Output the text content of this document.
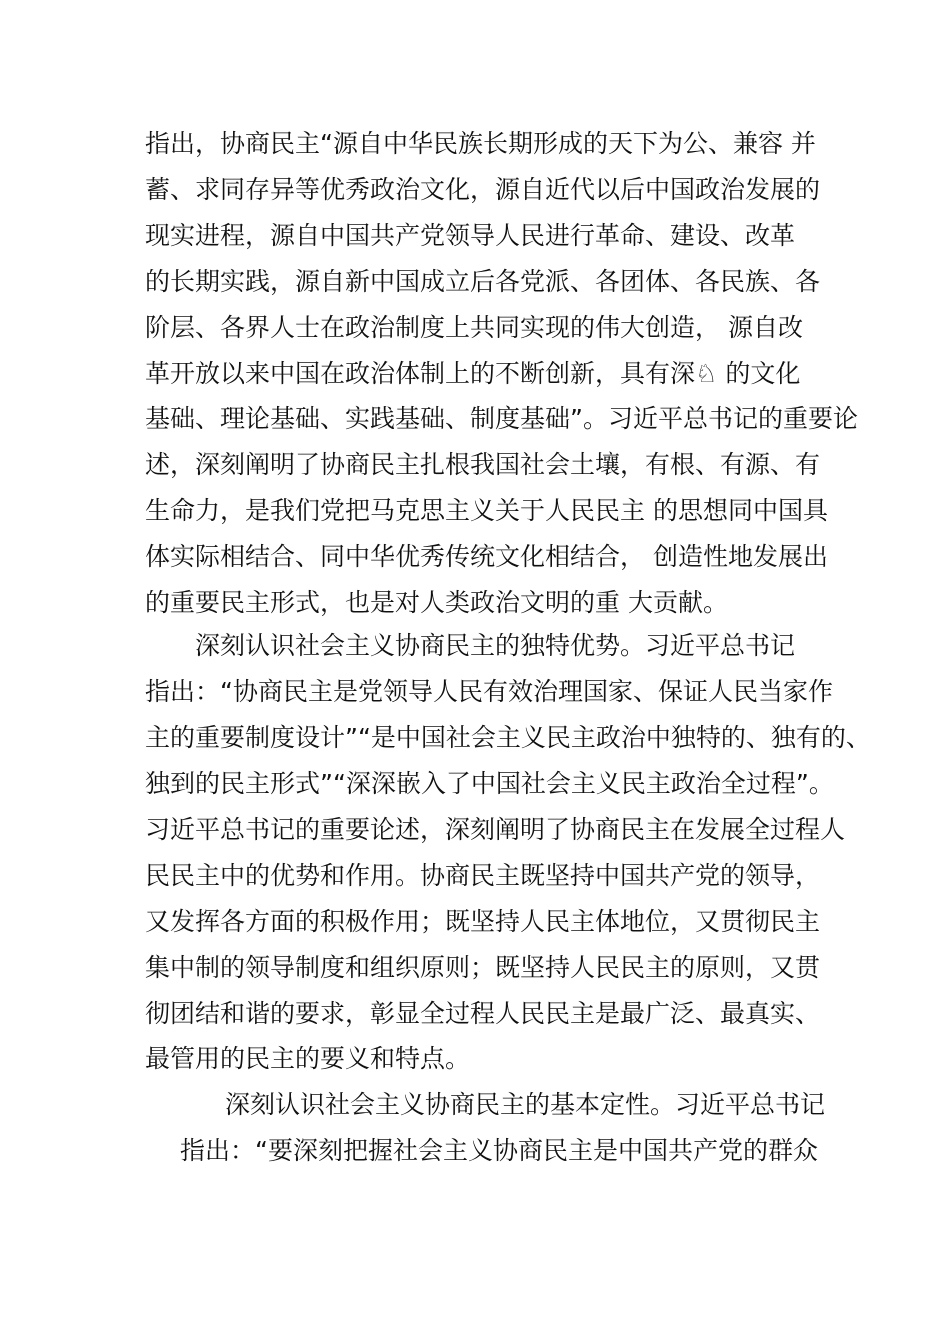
指出，协商民主“源自中华民族长期形成的天下为公、兼容 并
蓄、求同存异等优秀政治文化，源自近代以后中国政治发展的
现实进程，源自中国共产党领导人民进行革命、建设、改革
的长期实践，源自新中国成立后各党派、各团体、各民族、各
阶层、各界人士在政治制度上共同实现的伟大创造， 源自改
革开放以来中国在政治体制上的不断创新，具有深♘ 的文化
基础、理论基础、实践基础、制度基础”。习近平总书记的重要论
述，深刻阐明了协商民主扎根我国社会土壤，有根、有源、有
生命力，是我们党把马克思主义关于人民民主 的思想同中国具
体实际相结合、同中华优秀传统文化相结合， 创造性地发展出
的重要民主形式，也是对人类政治文明的重 大贡献。
深刻认识社会主义协商民主的独特优势。习近平总书记
指出：“协商民主是党领导人民有效治理国家、保证人民当家作
主的重要制度设计”“是中国社会主义民主政治中独特的、独有的、
独到的民主形式”“深深嵌入了中国社会主义民主政治全过程”。
习近平总书记的重要论述，深刻阐明了协商民主在发展全过程人
民民主中的优势和作用。协商民主既坚持中国共产党的领导，
又发挥各方面的积极作用；既坚持人民主体地位，又贯彻民主
集中制的领导制度和组织原则；既坚持人民民主的原则，又贯
彻团结和谐的要求，彰显全过程人民民主是最广泛、最真实、
最管用的民主的要义和特点。
深刻认识社会主义协商民主的基本定性。习近平总书记
指出：“要深刻把握社会主义协商民主是中国共产党的群众
